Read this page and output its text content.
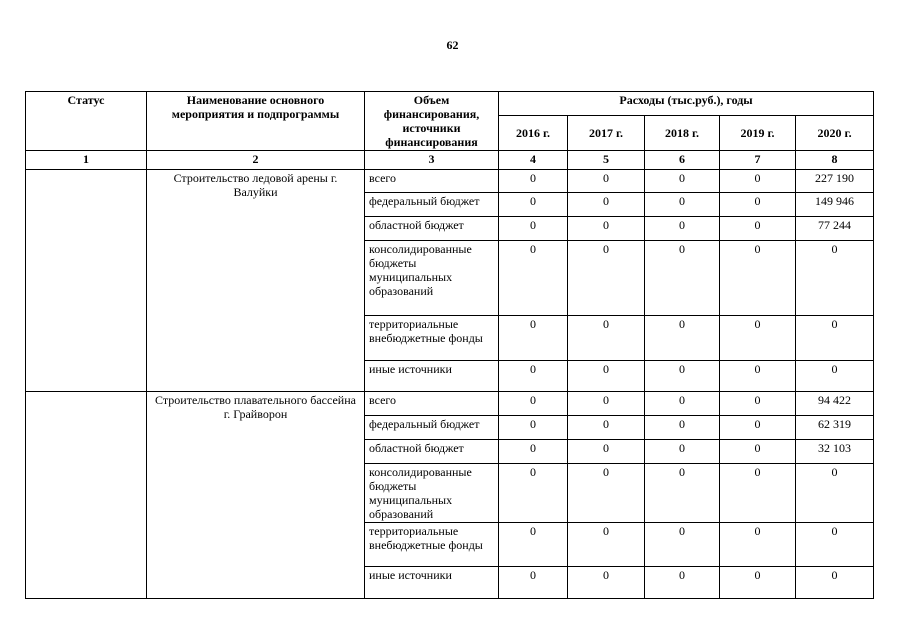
62
Статус	Наименование основного мероприятия и подпрограммы	Объем финансирования, источники финансирования	Расходы (тыс.руб.), годы				
			2016 г.	2017 г.	2018 г.	2019 г.	2020 г.
1	2	3	4	5	6	7	8
	Строительство ледовой арены г. Валуйки	всего	0	0	0	0	227 190
		федеральный бюджет	0	0	0	0	149 946
		областной бюджет	0	0	0	0	77 244
		консолидированные бюджеты муниципальных образований	0	0	0	0	0
		территориальные внебюджетные фонды	0	0	0	0	0
		иные источники	0	0	0	0	0
	Строительство плавательного бассейна г. Грайворон	всего	0	0	0	0	94 422
		федеральный бюджет	0	0	0	0	62 319
		областной бюджет	0	0	0	0	32 103
		консолидированные бюджеты муниципальных образований	0	0	0	0	0
		территориальные внебюджетные фонды	0	0	0	0	0
		иные источники	0	0	0	0	0
